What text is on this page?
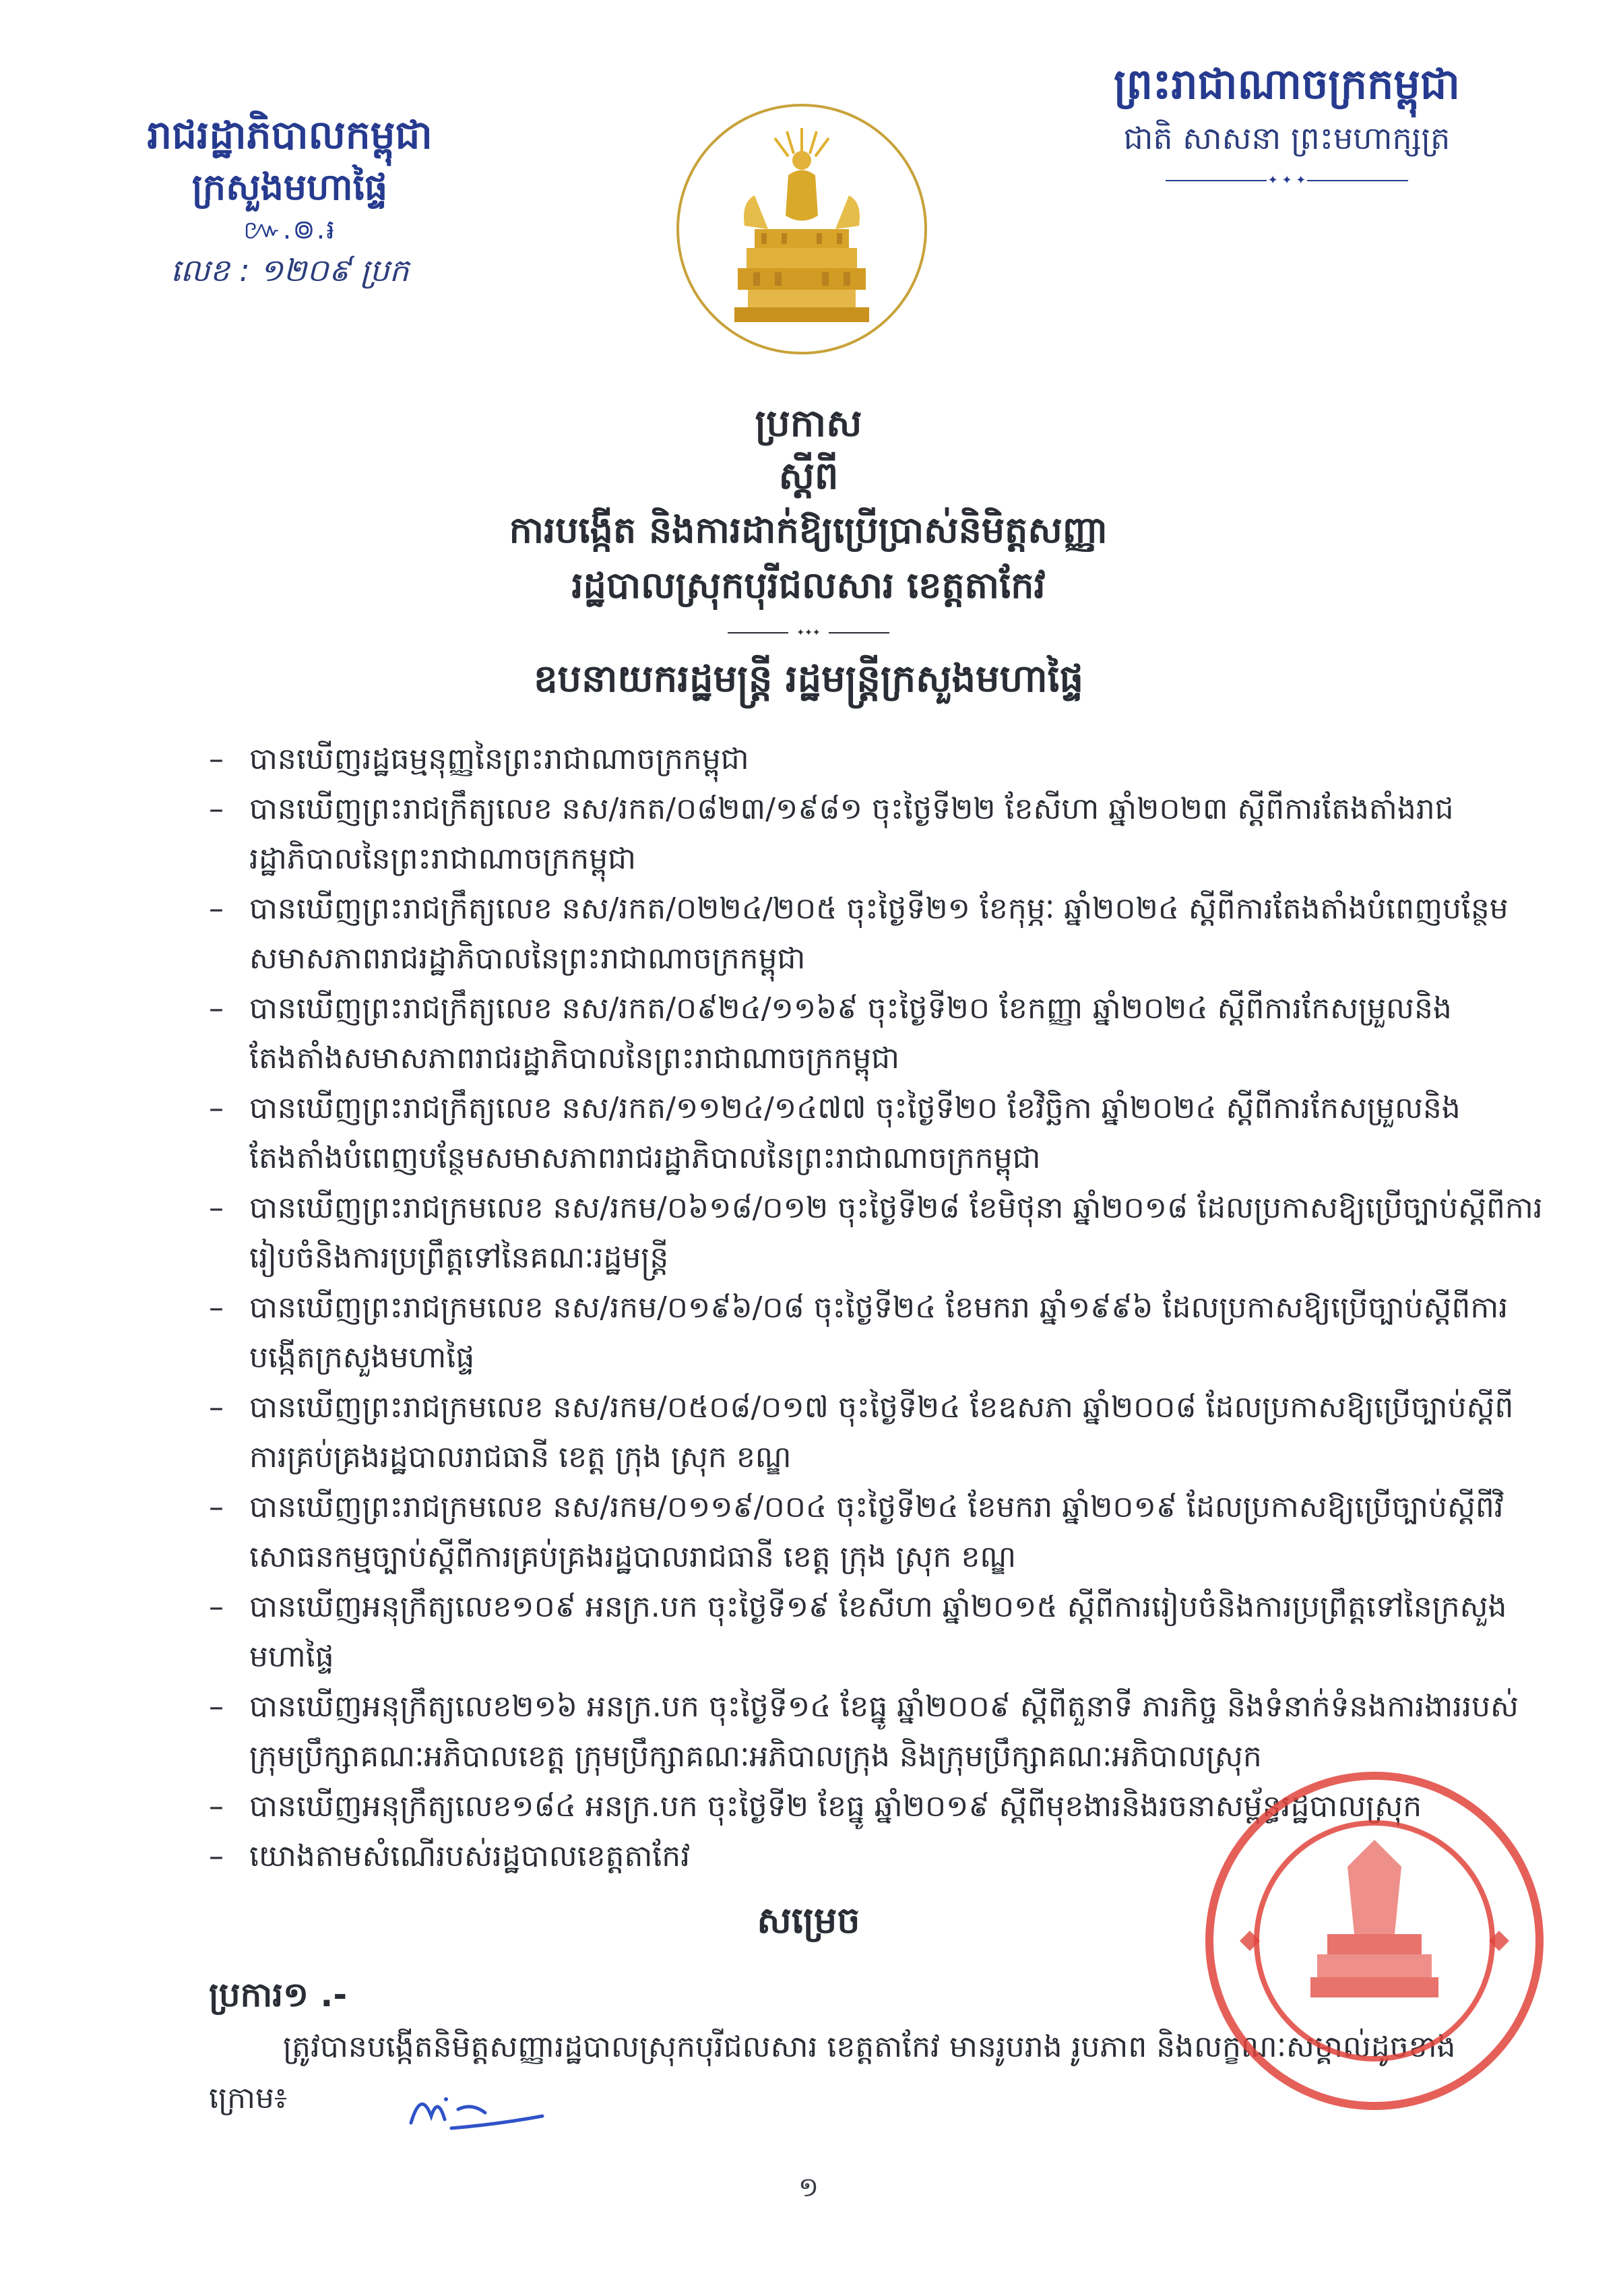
រាជរដ្ឋាភិបាលកម្ពុជា
ក្រសួងមហាផ្ទៃ
៚.៙.៛
លេខ : ១២០៩ ប្រក
ព្រះរាជាណាចក្រកម្ពុជា
ជាតិ សាសនា ព្រះមហាក្សត្រ
✦ ✦ ✦
ប្រកាស
ស្តីពី
ការបង្កើត និងការដាក់ឱ្យប្រើប្រាស់និមិត្តសញ្ញា
រដ្ឋបាលស្រុកបុរីជលសារ ខេត្តតាកែវ
✦✦✦
ឧបនាយករដ្ឋមន្ត្រី រដ្ឋមន្ត្រីក្រសួងមហាផ្ទៃ
– បានឃើញរដ្ឋធម្មនុញ្ញនៃព្រះរាជាណាចក្រកម្ពុជា
– បានឃើញព្រះរាជក្រឹត្យលេខ នស/រកត/០៨២៣/១៩៨១ ចុះថ្ងៃទី២២ ខែសីហា ឆ្នាំ២០២៣ ស្តីពីការតែងតាំងរាជរដ្ឋាភិបាលនៃព្រះរាជាណាចក្រកម្ពុជា
– បានឃើញព្រះរាជក្រឹត្យលេខ នស/រកត/០២២៤/២០៥ ចុះថ្ងៃទី២១ ខែកុម្ភៈ ឆ្នាំ២០២៤ ស្តីពីការតែងតាំងបំពេញបន្ថែមសមាសភាពរាជរដ្ឋាភិបាលនៃព្រះរាជាណាចក្រកម្ពុជា
– បានឃើញព្រះរាជក្រឹត្យលេខ នស/រកត/០៩២៤/១១៦៩ ចុះថ្ងៃទី២០ ខែកញ្ញា ឆ្នាំ២០២៤ ស្តីពីការកែសម្រួលនិងតែងតាំងសមាសភាពរាជរដ្ឋាភិបាលនៃព្រះរាជាណាចក្រកម្ពុជា
– បានឃើញព្រះរាជក្រឹត្យលេខ នស/រកត/១១២៤/១៤៧៧ ចុះថ្ងៃទី២០ ខែវិច្ឆិកា ឆ្នាំ២០២៤ ស្តីពីការកែសម្រួលនិងតែងតាំងបំពេញបន្ថែមសមាសភាពរាជរដ្ឋាភិបាលនៃព្រះរាជាណាចក្រកម្ពុជា
– បានឃើញព្រះរាជក្រមលេខ នស/រកម/០៦១៨/០១២ ចុះថ្ងៃទី២៨ ខែមិថុនា ឆ្នាំ២០១៨ ដែលប្រកាសឱ្យប្រើច្បាប់ស្តីពីការរៀបចំនិងការប្រព្រឹត្តទៅនៃគណៈរដ្ឋមន្ត្រី
– បានឃើញព្រះរាជក្រមលេខ នស/រកម/០១៩៦/០៨ ចុះថ្ងៃទី២៤ ខែមករា ឆ្នាំ១៩៩៦ ដែលប្រកាសឱ្យប្រើច្បាប់ស្តីពីការបង្កើតក្រសួងមហាផ្ទៃ
– បានឃើញព្រះរាជក្រមលេខ នស/រកម/០៥០៨/០១៧ ចុះថ្ងៃទី២៤ ខែឧសភា ឆ្នាំ២០០៨ ដែលប្រកាសឱ្យប្រើច្បាប់ស្តីពីការគ្រប់គ្រងរដ្ឋបាលរាជធានី ខេត្ត ក្រុង ស្រុក ខណ្ឌ
– បានឃើញព្រះរាជក្រមលេខ នស/រកម/០១១៩/០០៤ ចុះថ្ងៃទី២៤ ខែមករា ឆ្នាំ២០១៩ ដែលប្រកាសឱ្យប្រើច្បាប់ស្តីពីវិសោធនកម្មច្បាប់ស្តីពីការគ្រប់គ្រងរដ្ឋបាលរាជធានី ខេត្ត ក្រុង ស្រុក ខណ្ឌ
– បានឃើញអនុក្រឹត្យលេខ១០៩ អនក្រ.បក ចុះថ្ងៃទី១៩ ខែសីហា ឆ្នាំ២០១៥ ស្តីពីការរៀបចំនិងការប្រព្រឹត្តទៅនៃក្រសួងមហាផ្ទៃ
– បានឃើញអនុក្រឹត្យលេខ២១៦ អនក្រ.បក ចុះថ្ងៃទី១៤ ខែធ្នូ ឆ្នាំ២០០៩ ស្តីពីតួនាទី ភារកិច្ច និងទំនាក់ទំនងការងាររបស់ក្រុមប្រឹក្សាគណៈអភិបាលខេត្ត ក្រុមប្រឹក្សាគណៈអភិបាលក្រុង និងក្រុមប្រឹក្សាគណៈអភិបាលស្រុក
– បានឃើញអនុក្រឹត្យលេខ១៨៤ អនក្រ.បក ចុះថ្ងៃទី២ ខែធ្នូ ឆ្នាំ២០១៩ ស្តីពីមុខងារនិងរចនាសម្ព័ន្ធរដ្ឋបាលស្រុក
– យោងតាមសំណើរបស់រដ្ឋបាលខេត្តតាកែវ
សម្រេច
ប្រការ១ .-
ត្រូវបានបង្កើតនិមិត្តសញ្ញារដ្ឋបាលស្រុកបុរីជលសារ ខេត្តតាកែវ មានរូបរាង រូបភាព និងលក្ខណៈសម្គាល់ដូចខាងក្រោម៖
១
